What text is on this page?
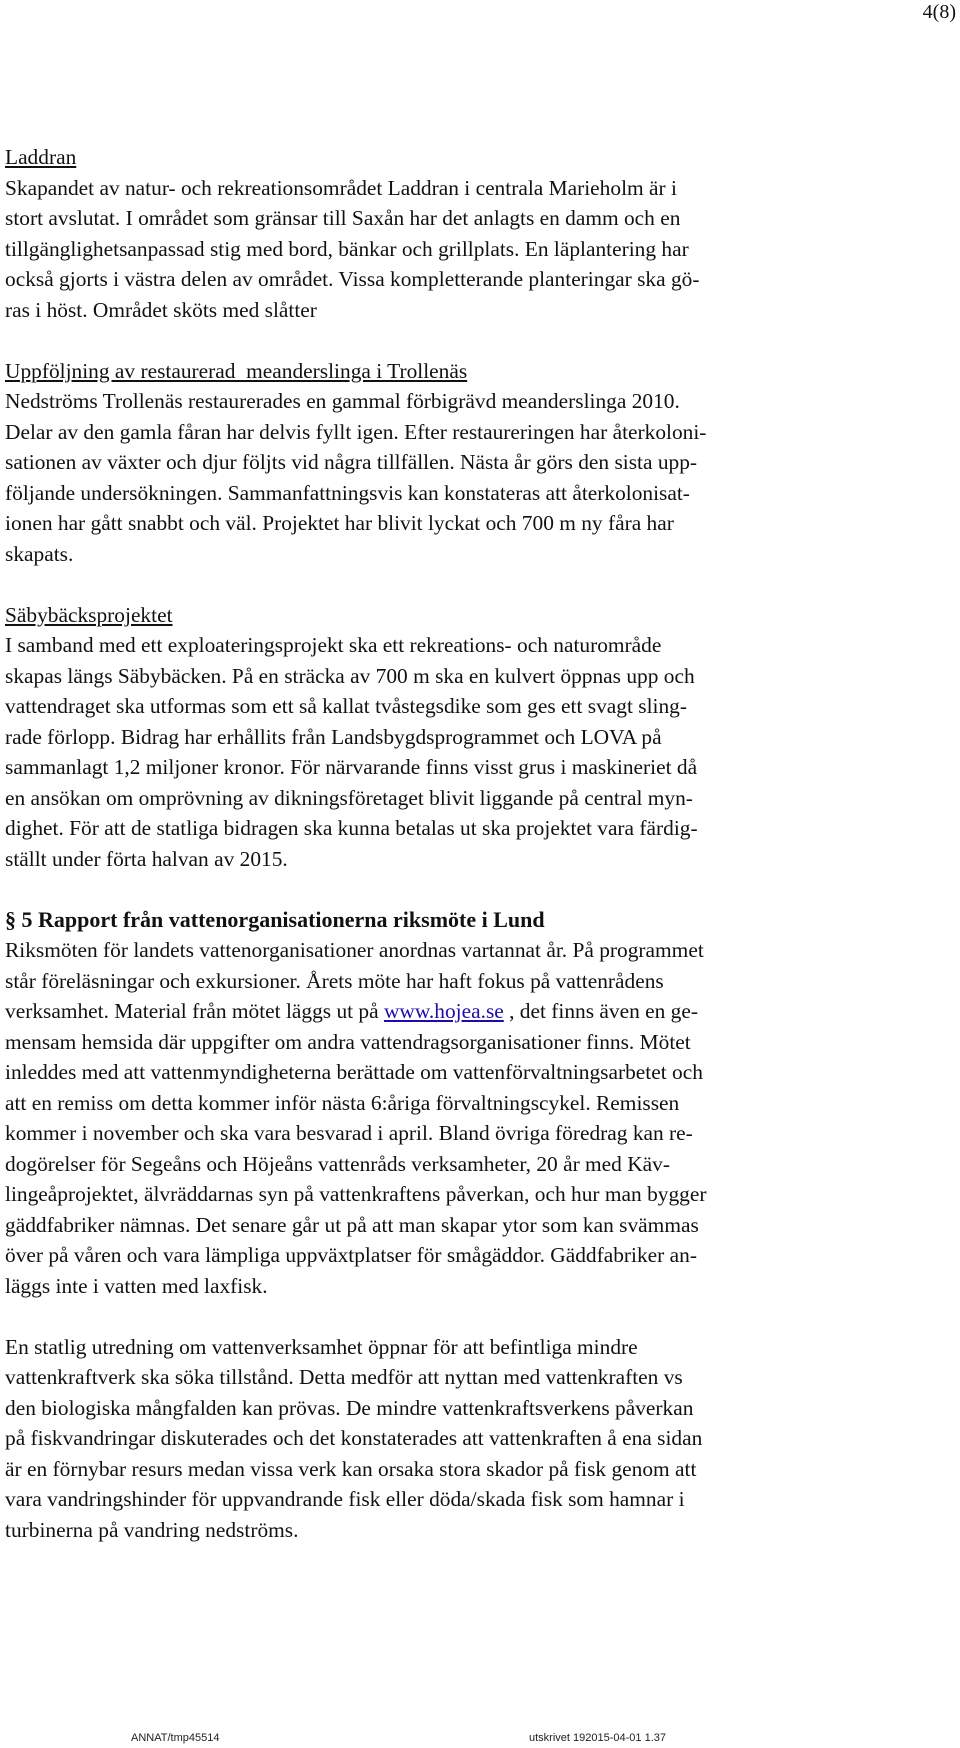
4(8)

Laddran

Skapandet av natur- och rekreationsområdet Laddran i centrala Marieholm är i

stort avslutat. I området som gränsar till Saxån har det anlagts en damm och en

tillgänglighetsanpassad stig med bord, bänkar och grillplats. En läplantering har

också gjorts i västra delen av området. Vissa kompletterande planteringar ska gö-

ras i höst. Området sköts med slåtter

Uppföljning av restaurerad  meanderslinga i Trollenäs

Nedströms Trollenäs restaurerades en gammal förbigrävd meanderslinga 2010.

Delar av den gamla fåran har delvis fyllt igen. Efter restaureringen har återkoloni-

sationen av växter och djur följts vid några tillfällen. Nästa år görs den sista upp-

följande undersökningen. Sammanfattningsvis kan konstateras att återkolonisat-

ionen har gått snabbt och väl. Projektet har blivit lyckat och 700 m ny fåra har

skapats.

Säbybäcksprojektet

I samband med ett exploateringsprojekt ska ett rekreations- och naturområde

skapas längs Säbybäcken. På en sträcka av 700 m ska en kulvert öppnas upp och

vattendraget ska utformas som ett så kallat tvåstegsdike som ges ett svagt sling-

rade förlopp. Bidrag har erhållits från Landsbygdsprogrammet och LOVA på

sammanlagt 1,2 miljoner kronor. För närvarande finns visst grus i maskineriet då

en ansökan om omprövning av dikningsföretaget blivit liggande på central myn-

dighet. För att de statliga bidragen ska kunna betalas ut ska projektet vara färdig-

ställt under förta halvan av 2015.

§ 5 Rapport från vattenorganisationerna riksmöte i Lund

Riksmöten för landets vattenorganisationer anordnas vartannat år. På programmet

står föreläsningar och exkursioner. Årets möte har haft fokus på vattenrådens

verksamhet. Material från mötet läggs ut på www.hojea.se , det finns även en ge-

mensam hemsida där uppgifter om andra vattendragsorganisationer finns. Mötet

inleddes med att vattenmyndigheterna berättade om vattenförvaltningsarbetet och

att en remiss om detta kommer inför nästa 6:åriga förvaltningscykel. Remissen

kommer i november och ska vara besvarad i april. Bland övriga föredrag kan re-

dogörelser för Segeåns och Höjeåns vattenråds verksamheter, 20 år med Käv-

lingeåprojektet, älvräddarnas syn på vattenkraftens påverkan, och hur man bygger

gäddfabriker nämnas. Det senare går ut på att man skapar ytor som kan svämmas

över på våren och vara lämpliga uppväxtplatser för smågäddor. Gäddfabriker an-

läggs inte i vatten med laxfisk.

En statlig utredning om vattenverksamhet öppnar för att befintliga mindre

vattenkraftverk ska söka tillstånd. Detta medför att nyttan med vattenkraften vs

den biologiska mångfalden kan prövas. De mindre vattenkraftsverkens påverkan

på fiskvandringar diskuterades och det konstaterades att vattenkraften å ena sidan

är en förnybar resurs medan vissa verk kan orsaka stora skador på fisk genom att

vara vandringshinder för uppvandrande fisk eller döda/skada fisk som hamnar i

turbinerna på vandring nedströms.

ANNAT/tmp45514	utskrivet 192015-04-01 1.37
